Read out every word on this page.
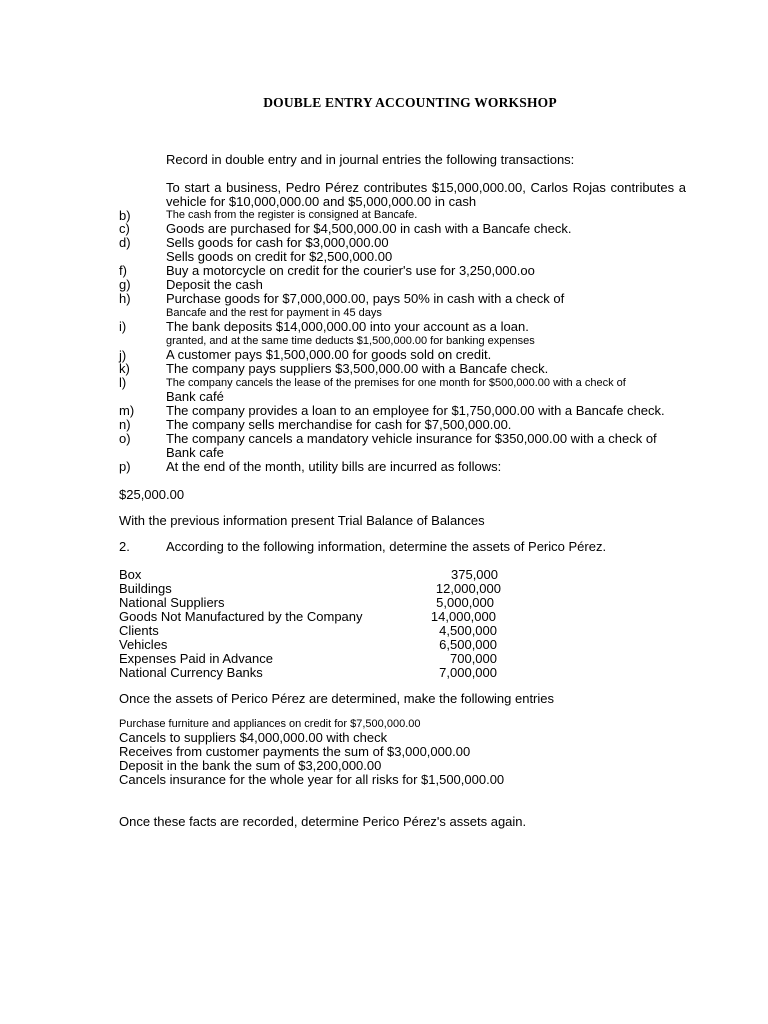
DOUBLE ENTRY ACCOUNTING WORKSHOP
Record in double entry and in journal entries the following transactions:
To start a business, Pedro Pérez contributes $15,000,000.00, Carlos Rojas contributes a
vehicle for $10,000,000.00 and $5,000,000.00 in cash
b)	The cash from the register is consigned at Bancafe.
c)	Goods are purchased for $4,500,000.00 in cash with a Bancafe check.
d)	Sells goods for cash for $3,000,000.00
Sells goods on credit for $2,500,000.00
f)	Buy a motorcycle on credit for the courier's use for 3,250,000.oo
g)	Deposit the cash
h)	Purchase goods for $7,000,000.00, pays 50% in cash with a check of
Bancafe and the rest for payment in 45 days
i)	The bank deposits $14,000,000.00 into your account as a loan.
granted, and at the same time deducts $1,500,000.00 for banking expenses
j)	A customer pays $1,500,000.00 for goods sold on credit.
k)	The company pays suppliers $3,500,000.00 with a Bancafe check.
l)	The company cancels the lease of the premises for one month for $500,000.00 with a check of
Bank café
m) The company provides a loan to an employee for $1,750,000.00 with a Bancafe check.
n)	The company sells merchandise for cash for $7,500,000.00.
o)	The company cancels a mandatory vehicle insurance for $350,000.00 with a check of
Bank cafe
p)	At the end of the month, utility bills are incurred as follows:
$25,000.00
With the previous information present Trial Balance of Balances
2.	According to the following information, determine the assets of Perico Pérez.
Box	375,000
Buildings	12,000,000
National Suppliers	5,000,000
Goods Not Manufactured by the Company	14,000,000
Clients	4,500,000
Vehicles	6,500,000
Expenses Paid in Advance	700,000
National Currency Banks	7,000,000
Once the assets of Perico Pérez are determined, make the following entries
Purchase furniture and appliances on credit for $7,500,000.00
Cancels to suppliers $4,000,000.00 with check
Receives from customer payments the sum of $3,000,000.00
Deposit in the bank the sum of $3,200,000.00
Cancels insurance for the whole year for all risks for $1,500,000.00
Once these facts are recorded, determine Perico Pérez's assets again.
